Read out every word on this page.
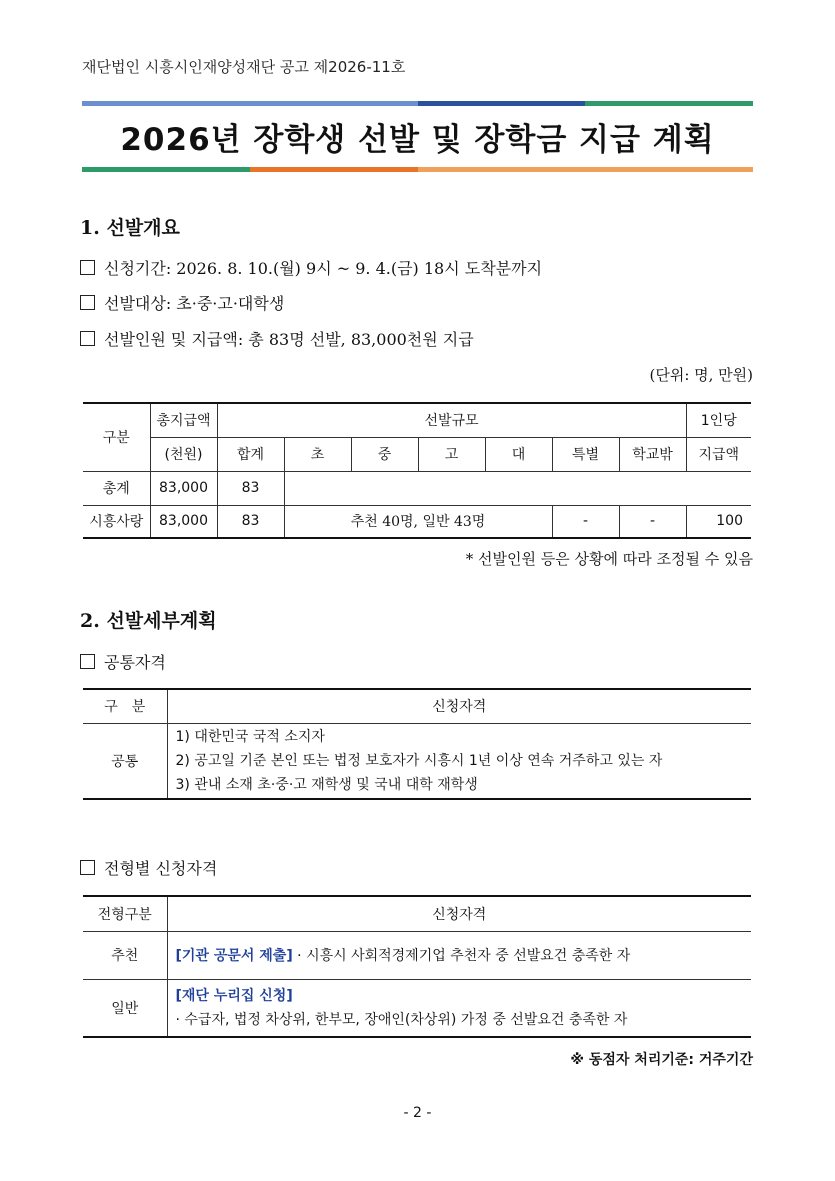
재단법인 시흥시인재양성재단 공고 제2026-11호
2026년 장학생 선발 및 장학금 지급 계획
1. 선발개요
신청기간: 2026. 8. 10.(월) 9시 ~ 9. 4.(금) 18시 도착분까지
선발대상: 초·중·고·대학생
선발인원 및 지급액: 총 83명 선발, 83,000천원 지급
(단위: 명, 만원)
구분	총지급액	선발규모							1인당
	(천원)	합계	초	중	고	대	특별	학교밖	지급액
총계	83,000	83							
시흥사랑	83,000	83	추천 40명, 일반 43명				-	-	100
* 선발인원 등은 상황에 따라 조정될 수 있음
2. 선발세부계획
공통자격
구　분	신청자격
공통	1) 대한민국 국적 소지자
2) 공고일 기준 본인 또는 법정 보호자가 시흥시 1년 이상 연속 거주하고 있는 자
3) 관내 소재 초·중·고 재학생 및 국내 대학 재학생
전형별 신청자격
전형구분	신청자격
추천	[기관 공문서 제출] · 시흥시 사회적경제기업 추천자 중 선발요건 충족한 자
일반	[재단 누리집 신청]
· 수급자, 법정 차상위, 한부모, 장애인(차상위) 가정 중 선발요건 충족한 자
※ 동점자 처리기준: 거주기간
- 2 -
